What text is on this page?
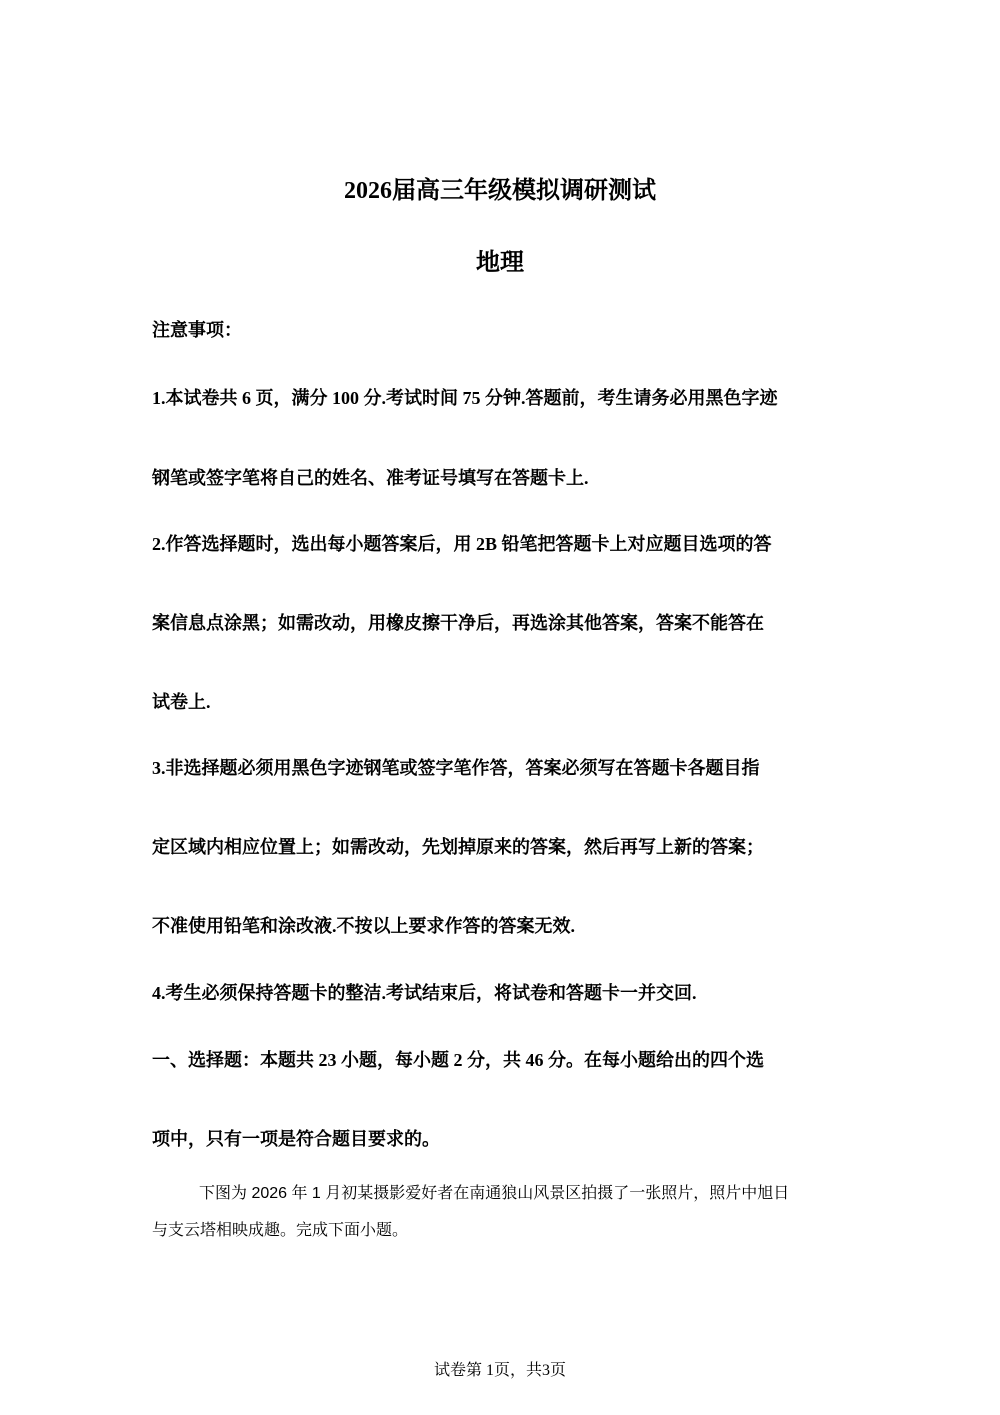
2026届高三年级模拟调研测试
地理
注意事项：
1.本试卷共 6 页，满分 100 分.考试时间 75 分钟.答题前，考生请务必用黑色字迹
钢笔或签字笔将自己的姓名、准考证号填写在答题卡上.
2.作答选择题时，选出每小题答案后，用 2B 铅笔把答题卡上对应题目选项的答
案信息点涂黑；如需改动，用橡皮擦干净后，再选涂其他答案，答案不能答在
试卷上.
3.非选择题必须用黑色字迹钢笔或签字笔作答，答案必须写在答题卡各题目指
定区域内相应位置上；如需改动，先划掉原来的答案，然后再写上新的答案；
不准使用铅笔和涂改液.不按以上要求作答的答案无效.
4.考生必须保持答题卡的整洁.考试结束后，将试卷和答题卡一并交回.
一、选择题：本题共 23 小题，每小题 2 分，共 46 分。在每小题给出的四个选
项中，只有一项是符合题目要求的。
下图为 2026 年 1 月初某摄影爱好者在南通狼山风景区拍摄了一张照片，照片中旭日
与支云塔相映成趣。完成下面小题。
试卷第 1页，共3页
